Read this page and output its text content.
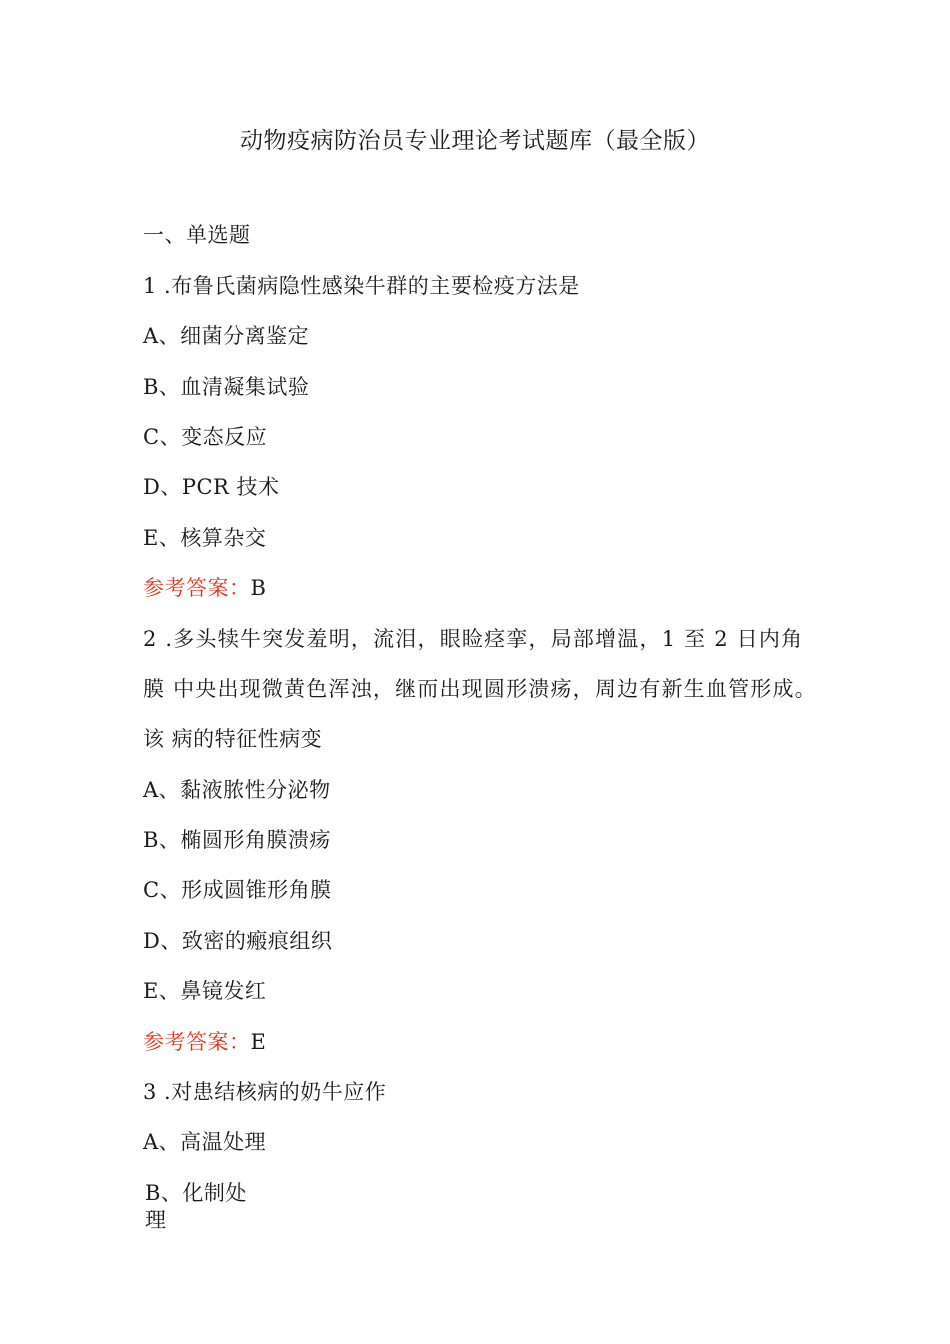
动物疫病防治员专业理论考试题库（最全版）
一、单选题
1 .布鲁氏菌病隐性感染牛群的主要检疫方法是
A、细菌分离鉴定
B、血清凝集试验
C、变态反应
D、PCR 技术
E、核算杂交
参考答案：B
2 .多头犊牛突发羞明，流泪，眼睑痉挛，局部增温，1 至 2 日内角
膜 中央出现微黄色浑浊，继而出现圆形溃疡，周边有新生血管形成。
该 病的特征性病变
A、黏液脓性分泌物
B、椭圆形角膜溃疡
C、形成圆锥形角膜
D、致密的瘢痕组织
E、鼻镜发红
参考答案：E
3 .对患结核病的奶牛应作
A、高温处理
B、化制处
理
